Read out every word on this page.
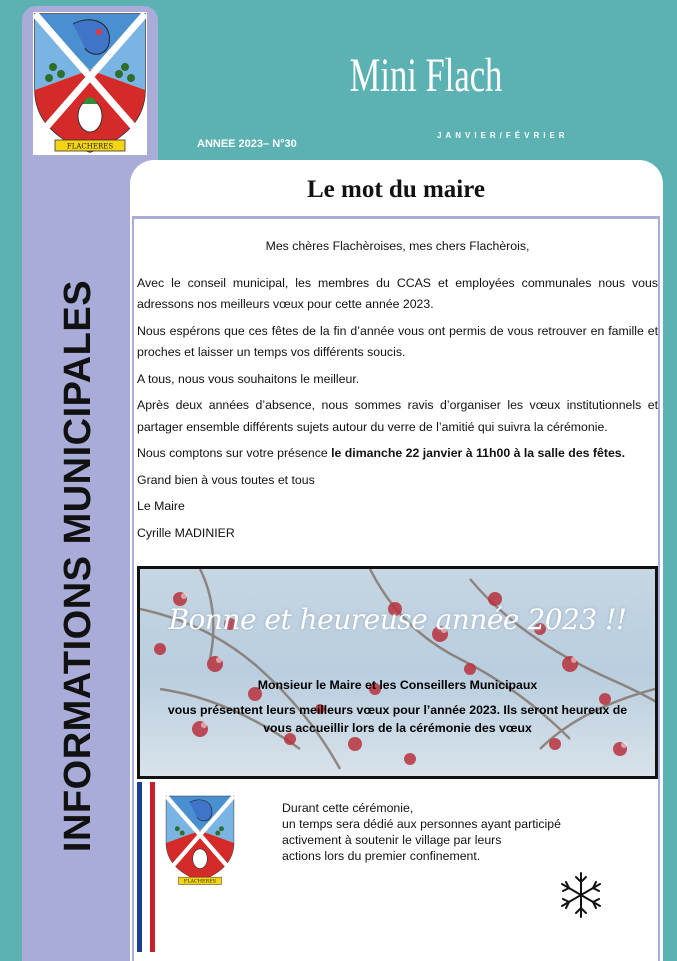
FLACHERES
INFORMATIONS MUNICIPALES
Mini Flach
ANNEE 2023– N°30
JANVIER/FÉVRIER
Le mot du maire

Mes chères Flachèroises, mes chers Flachèrois,

Avec le conseil municipal, les membres du CCAS et employées communales nous vous adressons nos meilleurs vœux pour cette année 2023.

Nous espérons que ces fêtes de la fin d’année vous ont permis de vous retrouver en famille et proches et laisser un temps vos différents soucis.

A tous, nous vous souhaitons le meilleur.

Après deux années d’absence, nous sommes ravis d’organiser les vœux institutionnels et partager ensemble différents sujets autour du verre de l’amitié qui suivra la cérémonie.

Nous comptons sur votre présence le dimanche 22 janvier à 11h00 à la salle des fêtes.

Grand bien à vous toutes et tous

Le Maire

Cyrille MADINIER

Bonne et heureuse année 2023 !!
Monsieur le Maire et les Conseillers Municipaux
vous présentent leurs meilleurs vœux pour l’année 2023. Ils seront heureux de
vous accueillir lors de la cérémonie des vœux
FLACHERES
Durant cette cérémonie,
un temps sera dédié aux personnes ayant participé
activement à soutenir le village par leurs
actions lors du premier confinement.
